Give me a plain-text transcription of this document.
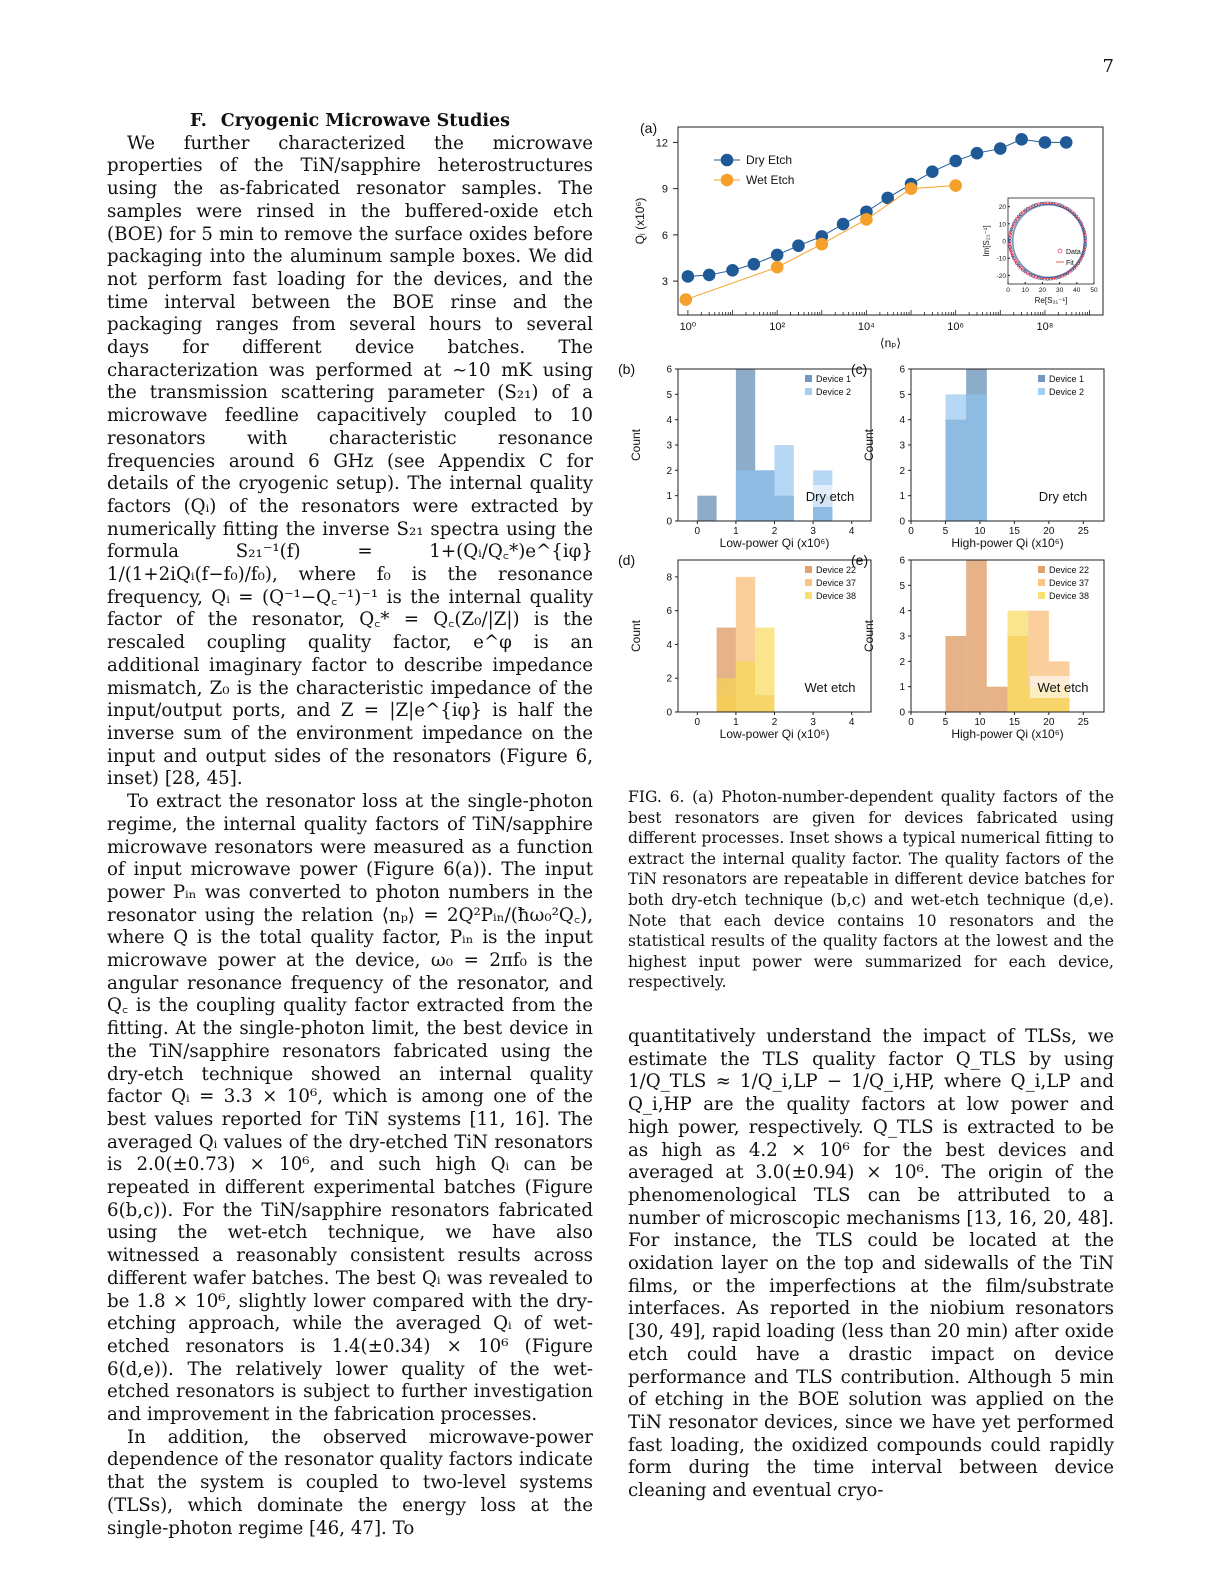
7

F. Cryogenic Microwave Studies

We further characterized the microwave properties of the TiN/sapphire heterostructures using the as-fabricated resonator samples. The samples were rinsed in the buffered-oxide etch (BOE) for 5 min to remove the surface oxides before packaging into the aluminum sample boxes. We did not perform fast loading for the devices, and the time interval between the BOE rinse and the packaging ranges from several hours to several days for different device batches. The characterization was performed at ∼10 mK using the transmission scattering parameter (S₂₁) of a microwave feedline capacitively coupled to 10 resonators with characteristic resonance frequencies around 6 GHz (see Appendix C for details of the cryogenic setup). The internal quality factors (Qᵢ) of the resonators were extracted by numerically fitting the inverse S₂₁ spectra using the formula S₂₁⁻¹(f) = 1+(Qᵢ/Q꜀*)e^{iφ} 1/(1+2iQᵢ(f−f₀)/f₀), where f₀ is the resonance frequency, Qᵢ = (Q⁻¹−Q꜀⁻¹)⁻¹ is the internal quality factor of the resonator, Q꜀* = Q꜀(Z₀/|Z|) is the rescaled coupling quality factor, e^φ is an additional imaginary factor to describe impedance mismatch, Z₀ is the characteristic impedance of the input/output ports, and Z = |Z|e^{iφ} is half the inverse sum of the environment impedance on the input and output sides of the resonators (Figure 6, inset) [28, 45].

To extract the resonator loss at the single-photon regime, the internal quality factors of TiN/sapphire microwave resonators were measured as a function of input microwave power (Figure 6(a)). The input power Pᵢₙ was converted to photon numbers in the resonator using the relation ⟨nₚ⟩ = 2Q²Pᵢₙ/(ħω₀²Q꜀), where Q is the total quality factor, Pᵢₙ is the input microwave power at the device, ω₀ = 2πf₀ is the angular resonance frequency of the resonator, and Q꜀ is the coupling quality factor extracted from the fitting. At the single-photon limit, the best device in the TiN/sapphire resonators fabricated using the dry-etch technique showed an internal quality factor Qᵢ = 3.3 × 10⁶, which is among one of the best values reported for TiN systems [11, 16]. The averaged Qᵢ values of the dry-etched TiN resonators is 2.0(±0.73) × 10⁶, and such high Qᵢ can be repeated in different experimental batches (Figure 6(b,c)). For the TiN/sapphire resonators fabricated using the wet-etch technique, we have also witnessed a reasonably consistent results across different wafer batches. The best Qᵢ was revealed to be 1.8 × 10⁶, slightly lower compared with the dry-etching approach, while the averaged Qᵢ of wet-etched resonators is 1.4(±0.34) × 10⁶ (Figure 6(d,e)). The relatively lower quality of the wet-etched resonators is subject to further investigation and improvement in the fabrication processes.

In addition, the observed microwave-power dependence of the resonator quality factors indicate that the system is coupled to two-level systems (TLSs), which dominate the energy loss at the single-photon regime [46, 47]. To

quantitatively understand the impact of TLSs, we estimate the TLS quality factor Q_TLS by using 1/Q_TLS ≈ 1/Q_i,LP − 1/Q_i,HP, where Q_i,LP and Q_i,HP are the quality factors at low power and high power, respectively. Q_TLS is extracted to be as high as 4.2 × 10⁶ for the best devices and averaged at 3.0(±0.94) × 10⁶. The origin of the phenomenological TLS can be attributed to a number of microscopic mechanisms [13, 16, 20, 48]. For instance, the TLS could be located at the oxidation layer on the top and sidewalls of the TiN films, or the imperfections at the film/substrate interfaces. As reported in the niobium resonators [30, 49], rapid loading (less than 20 min) after oxide etch could have a drastic impact on device performance and TLS contribution. Although 5 min of etching in the BOE solution was applied on the TiN resonator devices, since we have yet performed fast loading, the oxidized compounds could rapidly form during the time interval between device cleaning and eventual cryo-

(a)
3
6
9
12
10⁰	10²	10⁴	10⁶	10⁸
⟨nₚ⟩
Qᵢ (x10⁶)
Dry Etch
Wet Etch
0 10 20 30 40 50
-20
-10
0
10
20
Re[S₂₁⁻¹]
Im[S₂₁⁻¹]	Data
Fit
(b)
0
1
2
3
4
5
6
0	1	2	3	4
Low-power Qi (x10⁶)
Count
Device 1
Device 2
Dry etch
(c)
0
1
2
3
4
5
6
0	5	10 15 20 25
High-power Qi (x10⁶)
Count
Device 1
Device 2
Dry etch
(d)
0
2
4
6
8
0	1	2	3	4
Low-power Qi (x10⁶)
Count
Device 22
Device 37
Device 38
Wet etch
(e)
0
1
2
3
4
5
6
0	5	10 15 20 25
High-power Qi (x10⁶)
Count
Device 22
Device 37
Device 38
Wet etch

FIG. 6. (a) Photon-number-dependent quality factors of the best resonators are given for devices fabricated using different processes. Inset shows a typical numerical fitting to extract the internal quality factor. The quality factors of the TiN resonators are repeatable in different device batches for both dry-etch technique (b,c) and wet-etch technique (d,e). Note that each device contains 10 resonators and the statistical results of the quality factors at the lowest and the highest input power were summarized for each device, respectively.
